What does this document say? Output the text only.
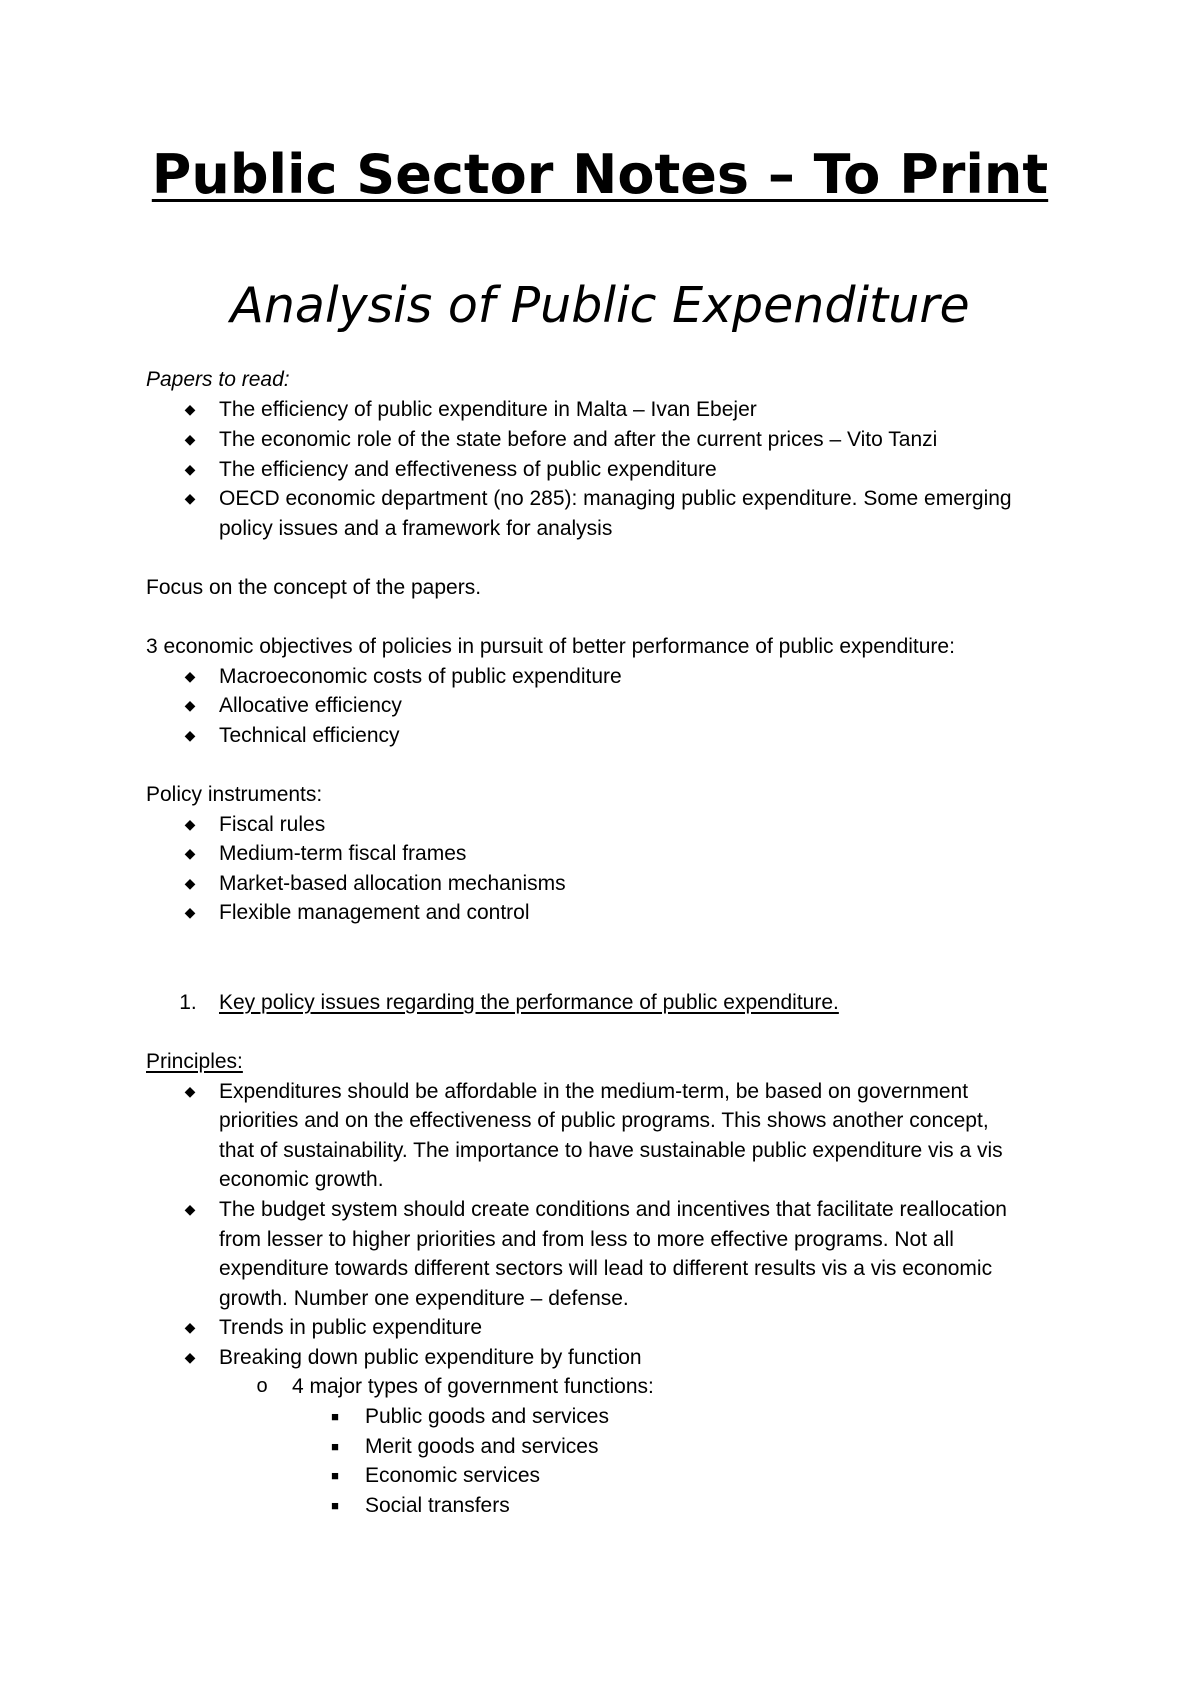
Public Sector Notes – To Print
Analysis of Public Expenditure
Papers to read:
◆ The efficiency of public expenditure in Malta – Ivan Ebejer
◆ The economic role of the state before and after the current prices – Vito Tanzi
◆ The efficiency and effectiveness of public expenditure
◆ OECD economic department (no 285): managing public expenditure. Some emerging
policy issues and a framework for analysis
Focus on the concept of the papers.
3 economic objectives of policies in pursuit of better performance of public expenditure:
◆ Macroeconomic costs of public expenditure
◆ Allocative efficiency
◆ Technical efficiency
Policy instruments:
◆ Fiscal rules
◆ Medium-term fiscal frames
◆ Market-based allocation mechanisms
◆ Flexible management and control
1. Key policy issues regarding the performance of public expenditure.
Principles:
◆ Expenditures should be affordable in the medium-term, be based on government
priorities and on the effectiveness of public programs. This shows another concept,
that of sustainability. The importance to have sustainable public expenditure vis a vis
economic growth.
◆ The budget system should create conditions and incentives that facilitate reallocation
from lesser to higher priorities and from less to more effective programs. Not all
expenditure towards different sectors will lead to different results vis a vis economic
growth. Number one expenditure – defense.
◆ Trends in public expenditure
◆ Breaking down public expenditure by function
o 4 major types of government functions:
■ Public goods and services
■ Merit goods and services
■ Economic services
■ Social transfers
